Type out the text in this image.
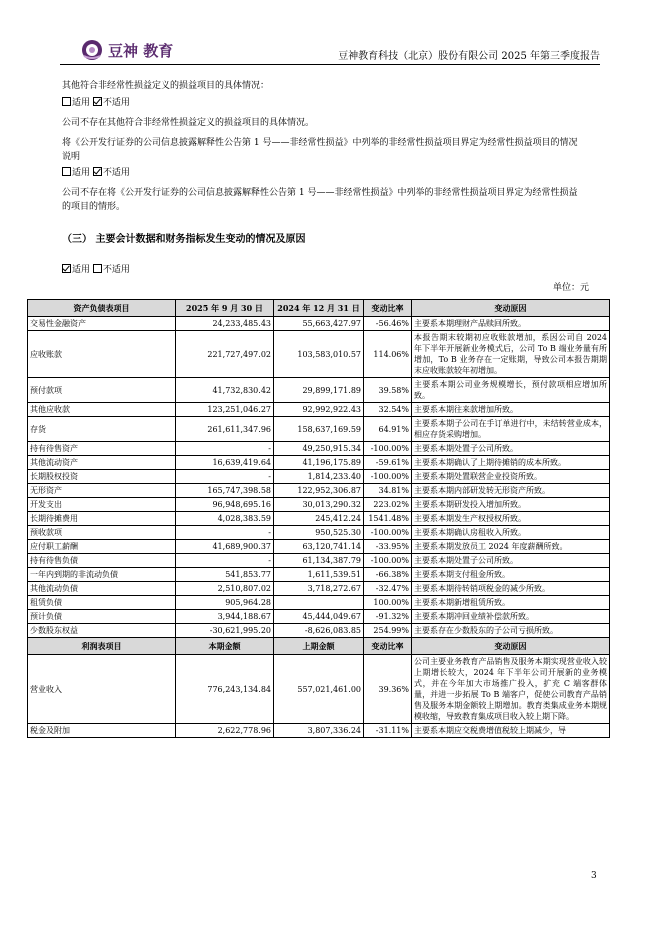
豆神 教育	豆神教育科技（北京）股份有限公司 2025 年第三季度报告
其他符合非经常性损益定义的损益项目的具体情况：
适用 不适用
公司不存在其他符合非经常性损益定义的损益项目的具体情况。
将《公开发行证券的公司信息披露解释性公告第 1 号——非经常性损益》中列举的非经常性损益项目界定为经常性损益项目的情况说明
适用 不适用
公司不存在将《公开发行证券的公司信息披露解释性公告第 1 号——非经常性损益》中列举的非经常性损益项目界定为经常性损益的项目的情形。
（三） 主要会计数据和财务指标发生变动的情况及原因
适用 不适用
单位：元
资产负债表项目	2025 年 9 月 30 日	2024 年 12 月 31 日	变动比率	变动原因
交易性金融资产	24,233,485.43	55,663,427.97	-56.46%	主要系本期理财产品赎回所致。
应收账款	221,727,497.02	103,583,010.57	114.06%	本报告期末较期初应收账款增加，系因公司自 2024 年下半年开展新业务模式后，公司 To B 端业务量有所增加，To B 业务存在一定账期，导致公司本报告期期末应收账款较年初增加。
预付款项	41,732,830.42	29,899,171.89	39.58%	主要系本期公司业务规模增长，预付款项相应增加所致。
其他应收款	123,251,046.27	92,992,922.43	32.54%	主要系本期往来款增加所致。
存货	261,611,347.96	158,637,169.59	64.91%	主要系本期子公司在手订单进行中，未结转营业成本，相应存货采购增加。
持有待售资产	-	49,250,915.34	-100.00%	主要系本期处置子公司所致。
其他流动资产	16,639,419.64	41,196,175.89	-59.61%	主要系本期确认了上期待摊销的成本所致。
长期股权投资	-	1,814,233.40	-100.00%	主要系本期处置联营企业投资所致。
无形资产	165,747,398.58	122,952,306.87	34.81%	主要系本期内部研发转无形资产所致。
开发支出	96,948,695.16	30,013,290.32	223.02%	主要系本期研发投入增加所致。
长期待摊费用	4,028,383.59	245,412.24	1541.48%	主要系本期发生产权授权所致。
预收款项	-	950,525.30	-100.00%	主要系本期确认房租收入所致。
应付职工薪酬	41,689,900.37	63,120,741.14	-33.95%	主要系本期发放员工 2024 年度薪酬所致。
持有待售负债	-	61,134,387.79	-100.00%	主要系本期处置子公司所致。
一年内到期的非流动负债	541,853.77	1,611,539.51	-66.38%	主要系本期支付租金所致。
其他流动负债	2,510,807.02	3,718,272.67	-32.47%	主要系本期待转销项税金的减少所致。
租赁负债	905,964.28		100.00%	主要系本期新增租赁所致。
预计负债	3,944,188.67	45,444,049.67	-91.32%	主要系本期冲回业绩补偿款所致。
少数股东权益	-30,621,995.20	-8,626,083.85	254.99%	主要系存在少数股东的子公司亏损所致。
利润表项目	本期金额	上期金额	变动比率	变动原因
营业收入	776,243,134.84	557,021,461.00	39.36%	公司主要业务教育产品销售及服务本期实现营业收入较上期增长较大，2024 年下半年公司开展新的业务模式，并在今年加大市场推广投入，扩充 C 端客群体量，并进一步拓展 To B 端客户，促使公司教育产品销售及服务本期金额较上期增加。教育类集成业务本期规模收缩，导致教育集成项目收入较上期下降。
税金及附加	2,622,778.96	3,807,336.24	-31.11%	主要系本期应交税费增值税较上期减少，导
3
